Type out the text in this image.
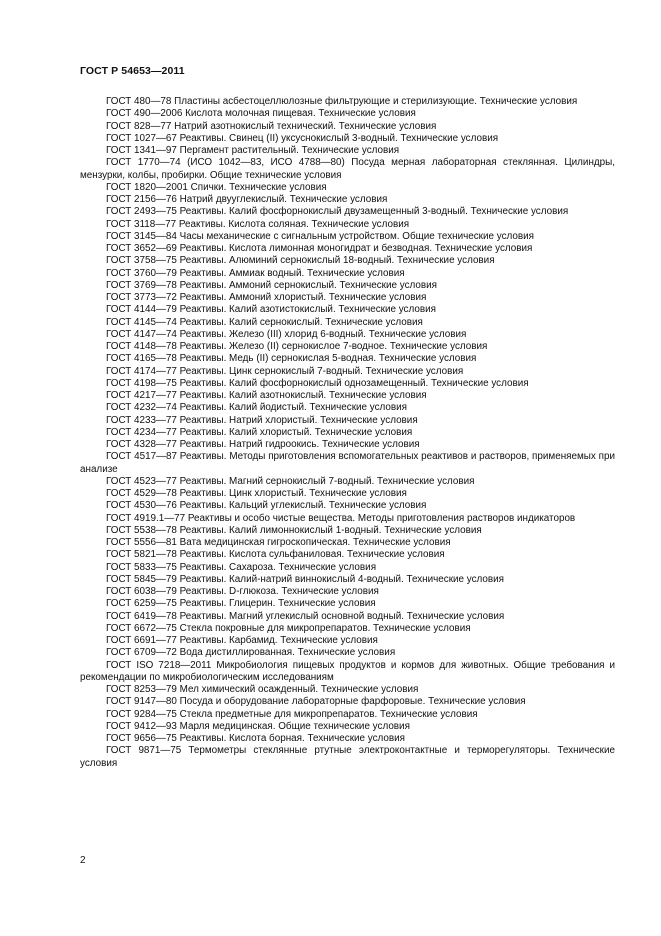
ГОСТ Р 54653—2011
ГОСТ 480—78 Пластины асбестоцеллюлозные фильтрующие и стерилизующие. Технические условия
ГОСТ 490—2006 Кислота молочная пищевая. Технические условия
ГОСТ 828—77 Натрий азотнокислый технический. Технические условия
ГОСТ 1027—67 Реактивы. Свинец (II) уксуснокислый 3-водный. Технические условия
ГОСТ 1341—97 Пергамент растительный. Технические условия
ГОСТ 1770—74 (ИСО 1042—83, ИСО 4788—80) Посуда мерная лабораторная стеклянная. Цилиндры, мензурки, колбы, пробирки. Общие технические условия
ГОСТ 1820—2001 Спички. Технические условия
ГОСТ 2156—76 Натрий двууглекислый. Технические условия
ГОСТ 2493—75 Реактивы. Калий фосфорнокислый двузамещенный 3-водный. Технические условия
ГОСТ 3118—77 Реактивы. Кислота соляная. Технические условия
ГОСТ 3145—84 Часы механические с сигнальным устройством. Общие технические условия
ГОСТ 3652—69 Реактивы. Кислота лимонная моногидрат и безводная. Технические условия
ГОСТ 3758—75 Реактивы. Алюминий сернокислый 18-водный. Технические условия
ГОСТ 3760—79 Реактивы. Аммиак водный. Технические условия
ГОСТ 3769—78 Реактивы. Аммоний сернокислый. Технические условия
ГОСТ 3773—72 Реактивы. Аммоний хлористый. Технические условия
ГОСТ 4144—79 Реактивы. Калий азотистокислый. Технические условия
ГОСТ 4145—74 Реактивы. Калий сернокислый. Технические условия
ГОСТ 4147—74 Реактивы. Железо (III) хлорид 6-водный. Технические условия
ГОСТ 4148—78 Реактивы. Железо (II) сернокислое 7-водное. Технические условия
ГОСТ 4165—78 Реактивы. Медь (II) сернокислая 5-водная. Технические условия
ГОСТ 4174—77 Реактивы. Цинк сернокислый 7-водный. Технические условия
ГОСТ 4198—75 Реактивы. Калий фосфорнокислый однозамещенный. Технические условия
ГОСТ 4217—77 Реактивы. Калий азотнокислый. Технические условия
ГОСТ 4232—74 Реактивы. Калий йодистый. Технические условия
ГОСТ 4233—77 Реактивы. Натрий хлористый. Технические условия
ГОСТ 4234—77 Реактивы. Калий хлористый. Технические условия
ГОСТ 4328—77 Реактивы. Натрий гидроокись. Технические условия
ГОСТ 4517—87 Реактивы. Методы приготовления вспомогательных реактивов и растворов, применяемых при анализе
ГОСТ 4523—77 Реактивы. Магний сернокислый 7-водный. Технические условия
ГОСТ 4529—78 Реактивы. Цинк хлористый. Технические условия
ГОСТ 4530—76 Реактивы. Кальций углекислый. Технические условия
ГОСТ 4919.1—77 Реактивы и особо чистые вещества. Методы приготовления растворов индикаторов
ГОСТ 5538—78 Реактивы. Калий лимоннокислый 1-водный. Технические условия
ГОСТ 5556—81 Вата медицинская гигроскопическая. Технические условия
ГОСТ 5821—78 Реактивы. Кислота сульфаниловая. Технические условия
ГОСТ 5833—75 Реактивы. Сахароза. Технические условия
ГОСТ 5845—79 Реактивы. Калий-натрий виннокислый 4-водный. Технические условия
ГОСТ 6038—79 Реактивы. D-глюкоза. Технические условия
ГОСТ 6259—75 Реактивы. Глицерин. Технические условия
ГОСТ 6419—78 Реактивы. Магний углекислый основной водный. Технические условия
ГОСТ 6672—75 Стекла покровные для микропрепаратов. Технические условия
ГОСТ 6691—77 Реактивы. Карбамид. Технические условия
ГОСТ 6709—72 Вода дистиллированная. Технические условия
ГОСТ ISO 7218—2011 Микробиология пищевых продуктов и кормов для животных. Общие требования и рекомендации по микробиологическим исследованиям
ГОСТ 8253—79 Мел химический осажденный. Технические условия
ГОСТ 9147—80 Посуда и оборудование лабораторные фарфоровые. Технические условия
ГОСТ 9284—75 Стекла предметные для микропрепаратов. Технические условия
ГОСТ 9412—93 Марля медицинская. Общие технические условия
ГОСТ 9656—75 Реактивы. Кислота борная. Технические условия
ГОСТ 9871—75 Термометры стеклянные ртутные электроконтактные и терморегуляторы. Технические условия
2
